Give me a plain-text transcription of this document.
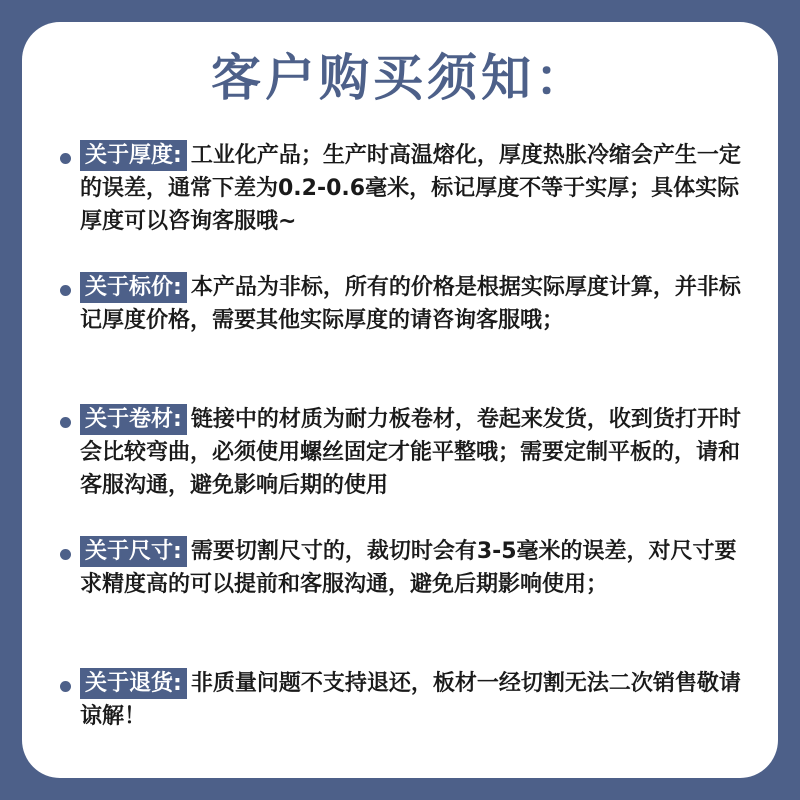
客户购买须知：
关于厚度: 工业化产品；生产时高温熔化，厚度热胀冷缩会产生一定的误差，通常下差为0.2-0.6毫米，标记厚度不等于实厚；具体实际厚度可以咨询客服哦~
关于标价: 本产品为非标，所有的价格是根据实际厚度计算，并非标记厚度价格，需要其他实际厚度的请咨询客服哦；
关于卷材: 链接中的材质为耐力板卷材，卷起来发货，收到货打开时会比较弯曲，必须使用螺丝固定才能平整哦；需要定制平板的，请和客服沟通，避免影响后期的使用
关于尺寸: 需要切割尺寸的，裁切时会有3-5毫米的误差，对尺寸要求精度高的可以提前和客服沟通，避免后期影响使用；
关于退货: 非质量问题不支持退还，板材一经切割无法二次销售敬请谅解！
